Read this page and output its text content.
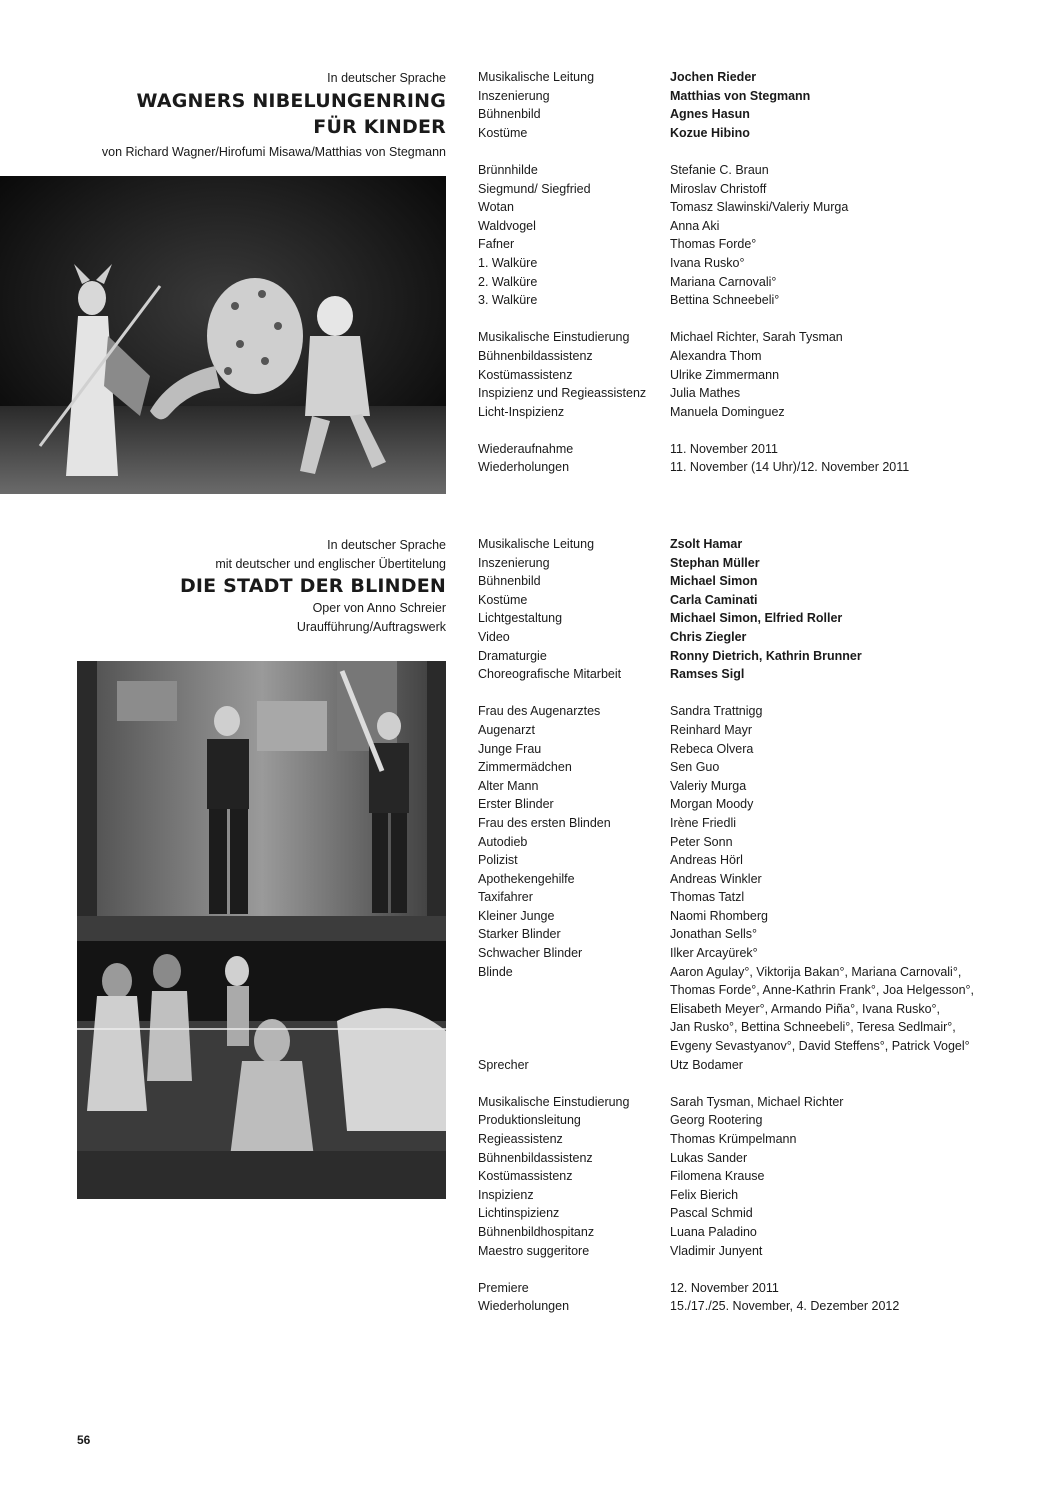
In deutscher Sprache
WAGNERS NIBELUNGENRING
FÜR KINDER
von Richard Wagner/Hirofumi Misawa/Matthias von Stegmann
Musikalische Leitung	Jochen Rieder
Inszenierung	Matthias von Stegmann
Bühnenbild	Agnes Hasun
Kostüme	Kozue Hibino
Brünnhilde	Stefanie C. Braun
Siegmund/ Siegfried	Miroslav Christoff
Wotan	Tomasz Slawinski/Valeriy Murga
Waldvogel	Anna Aki
Fafner	Thomas Forde°
1. Walküre	Ivana Rusko°
2. Walküre	Mariana Carnovali°
3. Walküre	Bettina Schneebeli°
Musikalische Einstudierung	Michael Richter, Sarah Tysman
Bühnenbildassistenz	Alexandra Thom
Kostümassistenz	Ulrike Zimmermann
Inspizienz und Regieassistenz	Julia Mathes
Licht-Inspizienz	Manuela Dominguez
Wiederaufnahme	11. November 2011
Wiederholungen	11. November (14 Uhr)/12. November 2011
In deutscher Sprache
mit deutscher und englischer Übertitelung
DIE STADT DER BLINDEN
Oper von Anno Schreier
Uraufführung/Auftragswerk
Musikalische Leitung	Zsolt Hamar
Inszenierung	Stephan Müller
Bühnenbild	Michael Simon
Kostüme	Carla Caminati
Lichtgestaltung	Michael Simon, Elfried Roller
Video	Chris Ziegler
Dramaturgie	Ronny Dietrich, Kathrin Brunner
Choreografische Mitarbeit	Ramses Sigl
Frau des Augenarztes	Sandra Trattnigg
Augenarzt	Reinhard Mayr
Junge Frau	Rebeca Olvera
Zimmermädchen	Sen Guo
Alter Mann	Valeriy Murga
Erster Blinder	Morgan Moody
Frau des ersten Blinden	Irène Friedli
Autodieb	Peter Sonn
Polizist	Andreas Hörl
Apothekengehilfe	Andreas Winkler
Taxifahrer	Thomas Tatzl
Kleiner Junge	Naomi Rhomberg
Starker Blinder	Jonathan Sells°
Schwacher Blinder	Ilker Arcayürek°
Blinde	Aaron Agulay°, Viktorija Bakan°, Mariana Carnovali°,
Thomas Forde°, Anne-Kathrin Frank°, Joa Helgesson°,
Elisabeth Meyer°, Armando Piña°, Ivana Rusko°,
Jan Rusko°, Bettina Schneebeli°, Teresa Sedlmair°,
Evgeny Sevastyanov°, David Steffens°, Patrick Vogel°
Sprecher	Utz Bodamer
Musikalische Einstudierung	Sarah Tysman, Michael Richter
Produktionsleitung	Georg Rootering
Regieassistenz	Thomas Krümpelmann
Bühnenbildassistenz	Lukas Sander
Kostümassistenz	Filomena Krause
Inspizienz	Felix Bierich
Lichtinspizienz	Pascal Schmid
Bühnenbildhospitanz	Luana Paladino
Maestro suggeritore	Vladimir Junyent
Premiere	12. November 2011
Wiederholungen	15./17./25. November, 4. Dezember 2012
56
